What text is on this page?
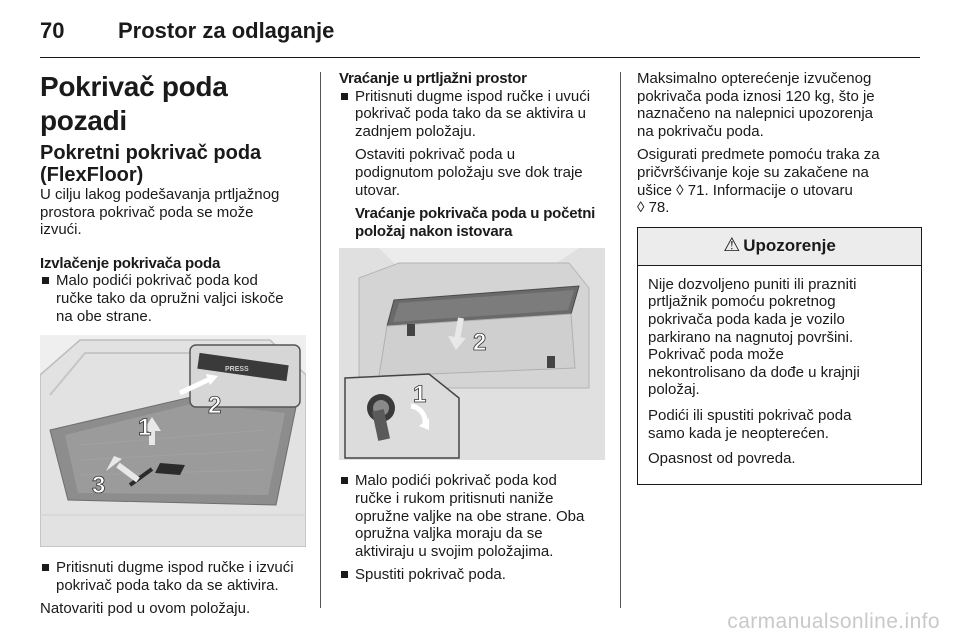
70 Prostor za odlaganje
Pokrivač poda pozadi
Pokretni pokrivač poda
(FlexFloor)

U cilju lakog podešavanja prtljažnog
prostora pokrivač poda se može
izvući.

Izvlačenje pokrivača poda
Malo podići pokrivač poda kod
ručke tako da opružni valjci iskoče
na obe strane.
PRESS
1
2
3
Pritisnuti dugme ispod ručke i izvući
pokrivač poda tako da se aktivira.

Natovariti pod u ovom položaju.

Vraćanje u prtljažni prostor
Pritisnuti dugme ispod ručke i uvući
pokrivač poda tako da se aktivira u
zadnjem položaju.

Ostaviti pokrivač poda u
podignutom položaju sve dok traje
utovar.

Vraćanje pokrivača poda u početni
položaj nakon istovara
2
1
Malo podići pokrivač poda kod
ručke i rukom pritisnuti naniže
opružne valjke na obe strane. Oba
opružna valjka moraju da se
aktiviraju u svojim položajima.
Spustiti pokrivač poda.

Maksimalno opterećenje izvučenog
pokrivača poda iznosi 120 kg, što je
naznačeno na nalepnici upozorenja
na pokrivaču poda.

Osigurati predmete pomoću traka za
pričvršćivanje koje su zakačene na
ušice ◊ 71. Informacije o utovaru
◊ 78.

⚠ Upozorenje

Nije dozvoljeno puniti ili prazniti
prtljažnik pomoću pokretnog
pokrivača poda kada je vozilo
parkirano na nagnutoj površini.
Pokrivač poda može
nekontrolisano da dođe u krajnji
položaj.

Podići ili spustiti pokrivač poda
samo kada je neopterećen.

Opasnost od povreda.

carmanualsonline.info
